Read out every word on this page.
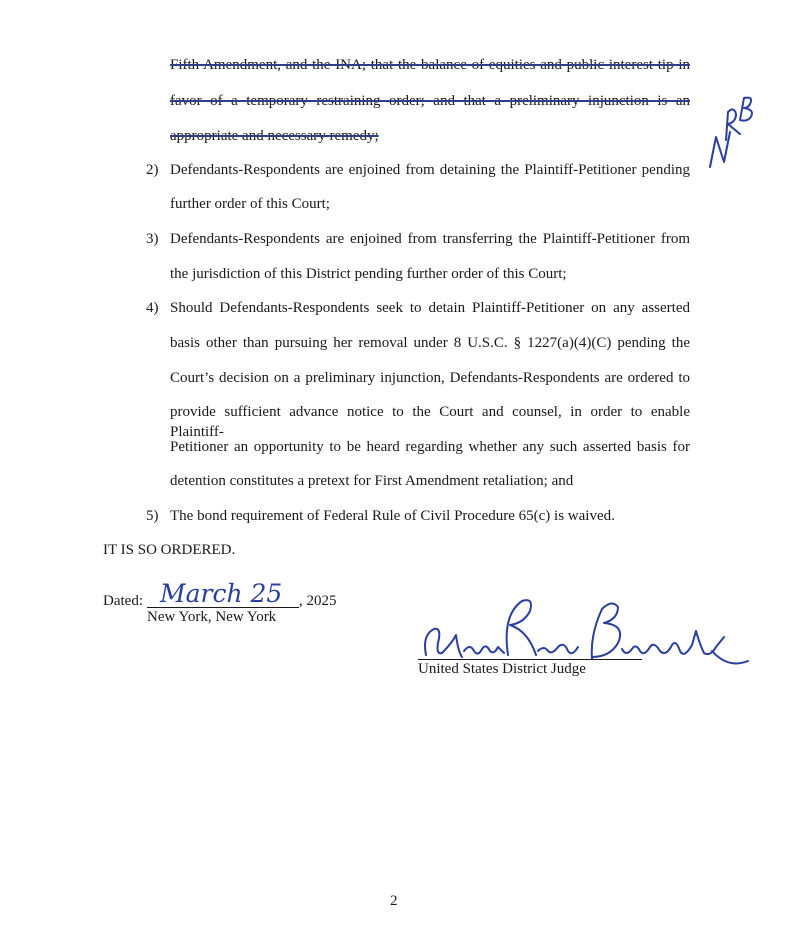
Fifth Amendment, and the INA; that the balance of equities and public interest tip in
favor of a temporary restraining order; and that a preliminary injunction is an
appropriate and necessary remedy;
NRB
2) Defendants-Respondents are enjoined from detaining the Plaintiff-Petitioner pending
further order of this Court;
3) Defendants-Respondents are enjoined from transferring the Plaintiff-Petitioner from
the jurisdiction of this District pending further order of this Court;
4) Should Defendants-Respondents seek to detain Plaintiff-Petitioner on any asserted
basis other than pursuing her removal under 8 U.S.C. § 1227(a)(4)(C) pending the
Court’s decision on a preliminary injunction, Defendants-Respondents are ordered to
provide sufficient advance notice to the Court and counsel, in order to enable Plaintiff-
Petitioner an opportunity to be heard regarding whether any such asserted basis for
detention constitutes a pretext for First Amendment retaliation; and
5) The bond requirement of Federal Rule of Civil Procedure 65(c) is waived.
IT IS SO ORDERED.
Dated: March 25 , 2025
New York, New York
Naomi Reice Buchwald
United States District Judge
2
